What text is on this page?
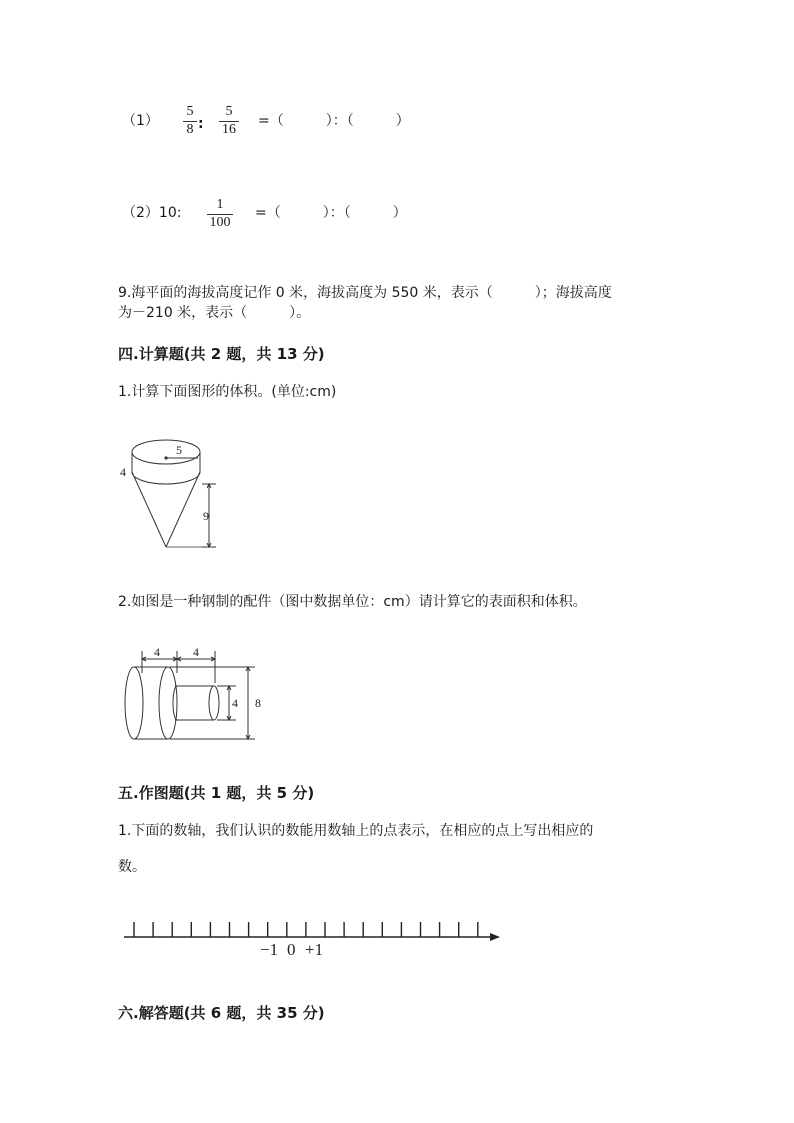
（1）
5
8 :
5
16
=（　　　）：（　　　）
（2）10:
1
100
=（　　　）：（　　　）
9.海平面的海拔高度记作 0 米，海拔高度为 550 米，表示（　　　）；海拔高度
为－210 米，表示（　　　）。
四.计算题(共 2 题，共 13 分)
1.计算下面图形的体积。(单位:cm)
5
4
9
2.如图是一种钢制的配件（图中数据单位：cm）请计算它的表面积和体积。
4	4
4 8
五.作图题(共 1 题，共 5 分)
1.下面的数轴，我们认识的数能用数轴上的点表示，在相应的点上写出相应的
数。
−1 0 +1
六.解答题(共 6 题，共 35 分)
